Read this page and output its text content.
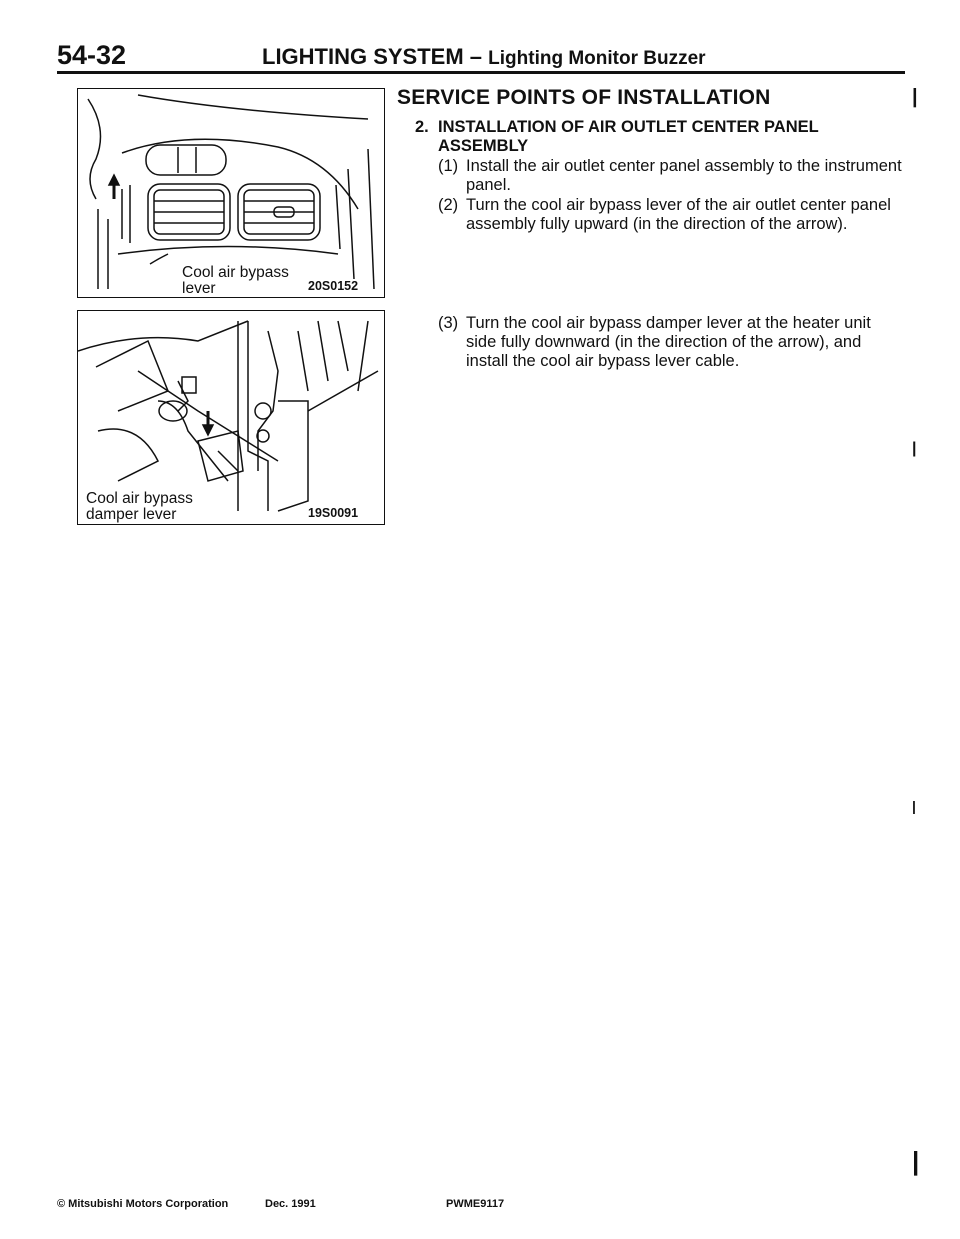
54-32	LIGHTING SYSTEM – Lighting Monitor Buzzer
Cool air bypass
lever	20S0152
Cool air bypass
damper lever	19S0091
SERVICE POINTS OF INSTALLATION
2. INSTALLATION OF AIR OUTLET CENTER PANEL ASSEMBLY
(1) Install the air outlet center panel assembly to the instrument panel.
(2) Turn the cool air bypass lever of the air outlet center panel assembly fully upward (in the direction of the arrow).
(3) Turn the cool air bypass damper lever at the heater unit side fully downward (in the direction of the arrow), and install the cool air bypass lever cable.
|
|
|
|
© Mitsubishi Motors Corporation	Dec. 1991	PWME9117
